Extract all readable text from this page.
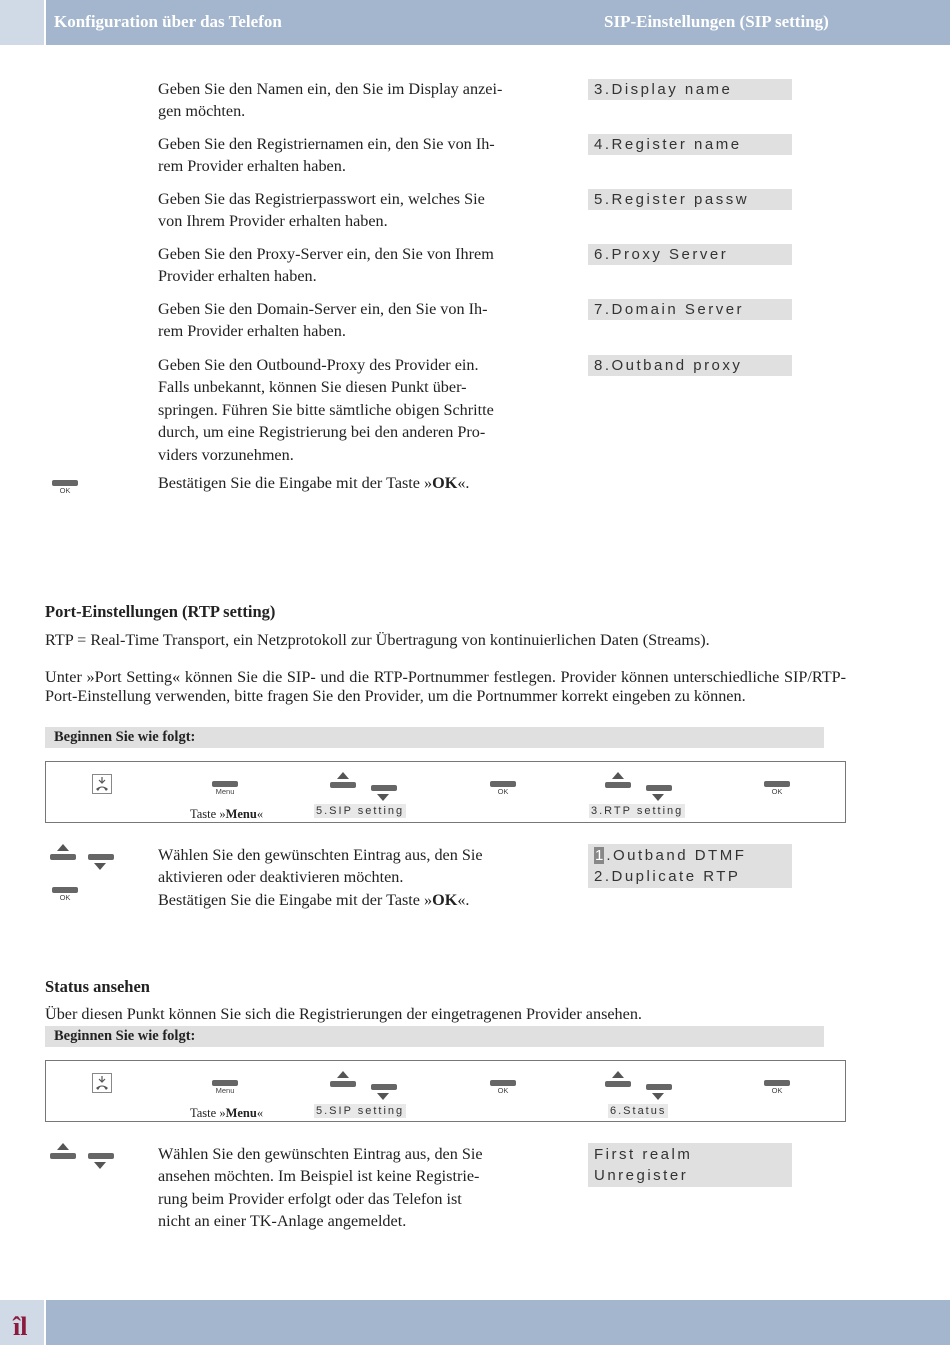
Konfiguration über das Telefon	SIP-Einstellungen (SIP setting)
Geben Sie den Namen ein, den Sie im Display anzei-
gen möchten.
3.Display name
Geben Sie den Registriernamen ein, den Sie von Ih-
rem Provider erhalten haben.
4.Register name
Geben Sie das Registrierpasswort ein, welches Sie
von Ihrem Provider erhalten haben.
5.Register passw
Geben Sie den Proxy-Server ein, den Sie von Ihrem
Provider erhalten haben.
6.Proxy Server
Geben Sie den Domain-Server ein, den Sie von Ih-
rem Provider erhalten haben.
7.Domain Server
Geben Sie den Outbound-Proxy des Provider ein.
Falls unbekannt, können Sie diesen Punkt über-
springen. Führen Sie bitte sämtliche obigen Schritte
durch, um eine Registrierung bei den anderen Pro-
viders vorzunehmen.
8.Outband proxy
OK	Bestätigen Sie die Eingabe mit der Taste »OK«.
Port-Einstellungen (RTP setting)
RTP = Real-Time Transport, ein Netzprotokoll zur Übertragung von kontinuierlichen Daten (Streams).
Unter »Port Setting« können Sie die SIP- und die RTP-Portnummer festlegen. Provider können unterschiedliche SIP/RTP-Port-Einstellung verwenden, bitte fragen Sie den Provider, um die Portnummer korrekt eingeben zu können.
Beginnen Sie wie folgt:
Menu
Taste »Menu«	5.SIP setting
OK
3.RTP setting
OK
OK
Wählen Sie den gewünschten Eintrag aus, den Sie
aktivieren oder deaktivieren möchten.
Bestätigen Sie die Eingabe mit der Taste »OK«.
1 .Outband DTMF
2.Duplicate RTP
Status ansehen
Über diesen Punkt können Sie sich die Registrierungen der eingetragenen Provider ansehen.
Beginnen Sie wie folgt:
Menu
Taste »Menu«	5.SIP setting
OK
6.Status
OK
Wählen Sie den gewünschten Eintrag aus, den Sie
ansehen möchten. Im Beispiel ist keine Registrie-
rung beim Provider erfolgt oder das Telefon ist
nicht an einer TK-Anlage angemeldet.
First realm
Unregister
îl
